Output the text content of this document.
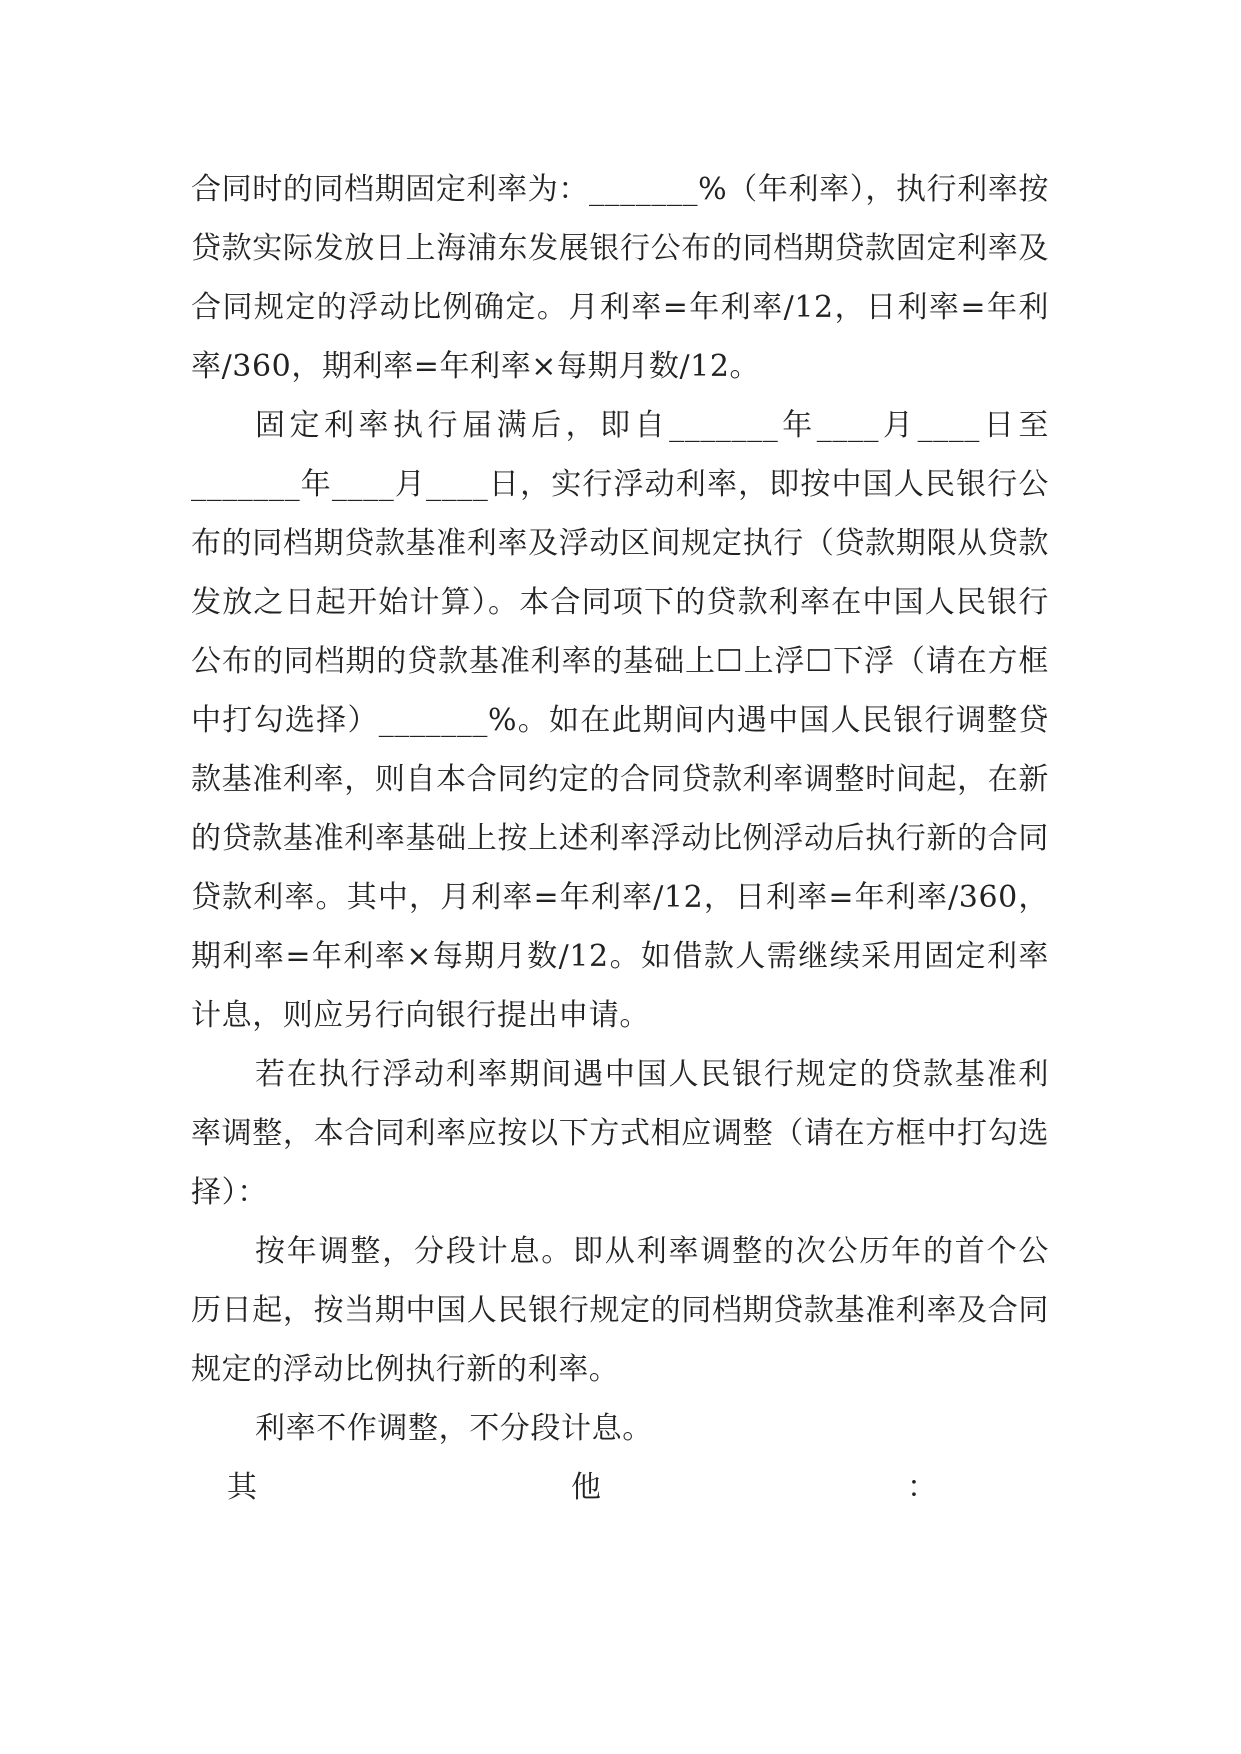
合同时的同档期固定利率为：_______%（年利率），执行利率按贷款实际发放日上海浦东发展银行公布的同档期贷款固定利率及合同规定的浮动比例确定。月利率=年利率/12，日利率=年利率/360，期利率=年利率×每期月数/12。

固定利率执行届满后，即自_______年____月____日至_______年____月____日，实行浮动利率，即按中国人民银行公布的同档期贷款基准利率及浮动区间规定执行（贷款期限从贷款发放之日起开始计算）。本合同项下的贷款利率在中国人民银行公布的同档期的贷款基准利率的基础上☐上浮☐下浮（请在方框中打勾选择）_______%。如在此期间内遇中国人民银行调整贷款基准利率，则自本合同约定的合同贷款利率调整时间起，在新的贷款基准利率基础上按上述利率浮动比例浮动后执行新的合同贷款利率。其中，月利率=年利率/12，日利率=年利率/360，期利率=年利率×每期月数/12。如借款人需继续采用固定利率计息，则应另行向银行提出申请。

若在执行浮动利率期间遇中国人民银行规定的贷款基准利率调整，本合同利率应按以下方式相应调整（请在方框中打勾选择）：

按年调整，分段计息。即从利率调整的次公历年的首个公历日起，按当期中国人民银行规定的同档期贷款基准利率及合同规定的浮动比例执行新的利率。

利率不作调整，不分段计息。

其	他	：
